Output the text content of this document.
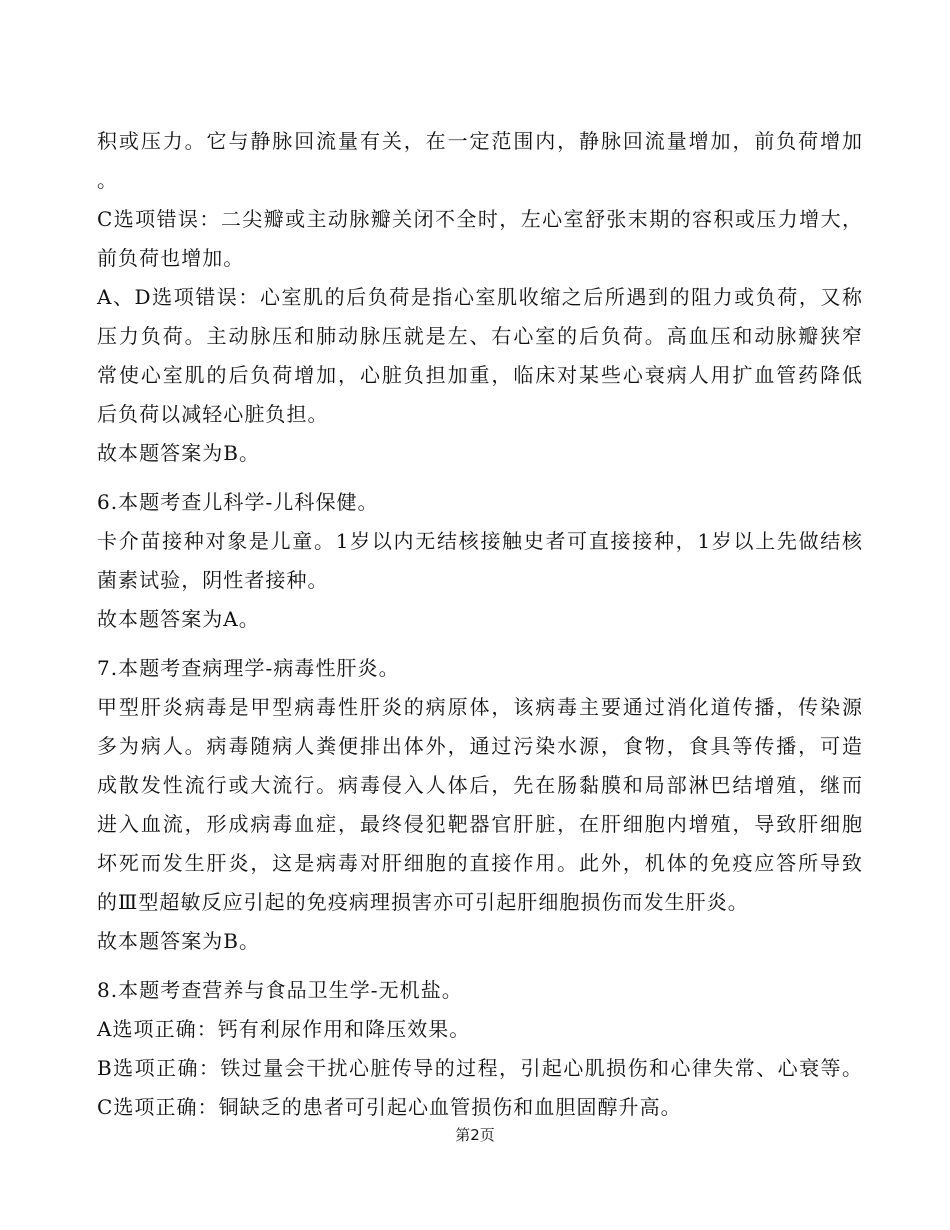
积或压力。它与静脉回流量有关，在一定范围内，静脉回流量增加，前负荷增加
。
C选项错误：二尖瓣或主动脉瓣关闭不全时，左心室舒张末期的容积或压力增大，
前负荷也增加。
A、D选项错误：心室肌的后负荷是指心室肌收缩之后所遇到的阻力或负荷，又称
压力负荷。主动脉压和肺动脉压就是左、右心室的后负荷。高血压和动脉瓣狭窄
常使心室肌的后负荷增加，心脏负担加重，临床对某些心衰病人用扩血管药降低
后负荷以减轻心脏负担。
故本题答案为B。
6.本题考查儿科学-儿科保健。
卡介苗接种对象是儿童。1岁以内无结核接触史者可直接接种，1岁以上先做结核
菌素试验，阴性者接种。
故本题答案为A。
7.本题考查病理学-病毒性肝炎。
甲型肝炎病毒是甲型病毒性肝炎的病原体，该病毒主要通过消化道传播，传染源
多为病人。病毒随病人粪便排出体外，通过污染水源，食物，食具等传播，可造
成散发性流行或大流行。病毒侵入人体后，先在肠黏膜和局部淋巴结增殖，继而
进入血流，形成病毒血症，最终侵犯靶器官肝脏，在肝细胞内增殖，导致肝细胞
坏死而发生肝炎，这是病毒对肝细胞的直接作用。此外，机体的免疫应答所导致
的Ⅲ型超敏反应引起的免疫病理损害亦可引起肝细胞损伤而发生肝炎。
故本题答案为B。
8.本题考查营养与食品卫生学-无机盐。
A选项正确：钙有利尿作用和降压效果。
B选项正确：铁过量会干扰心脏传导的过程，引起心肌损伤和心律失常、心衰等。
C选项正确：铜缺乏的患者可引起心血管损伤和血胆固醇升高。
第2页
